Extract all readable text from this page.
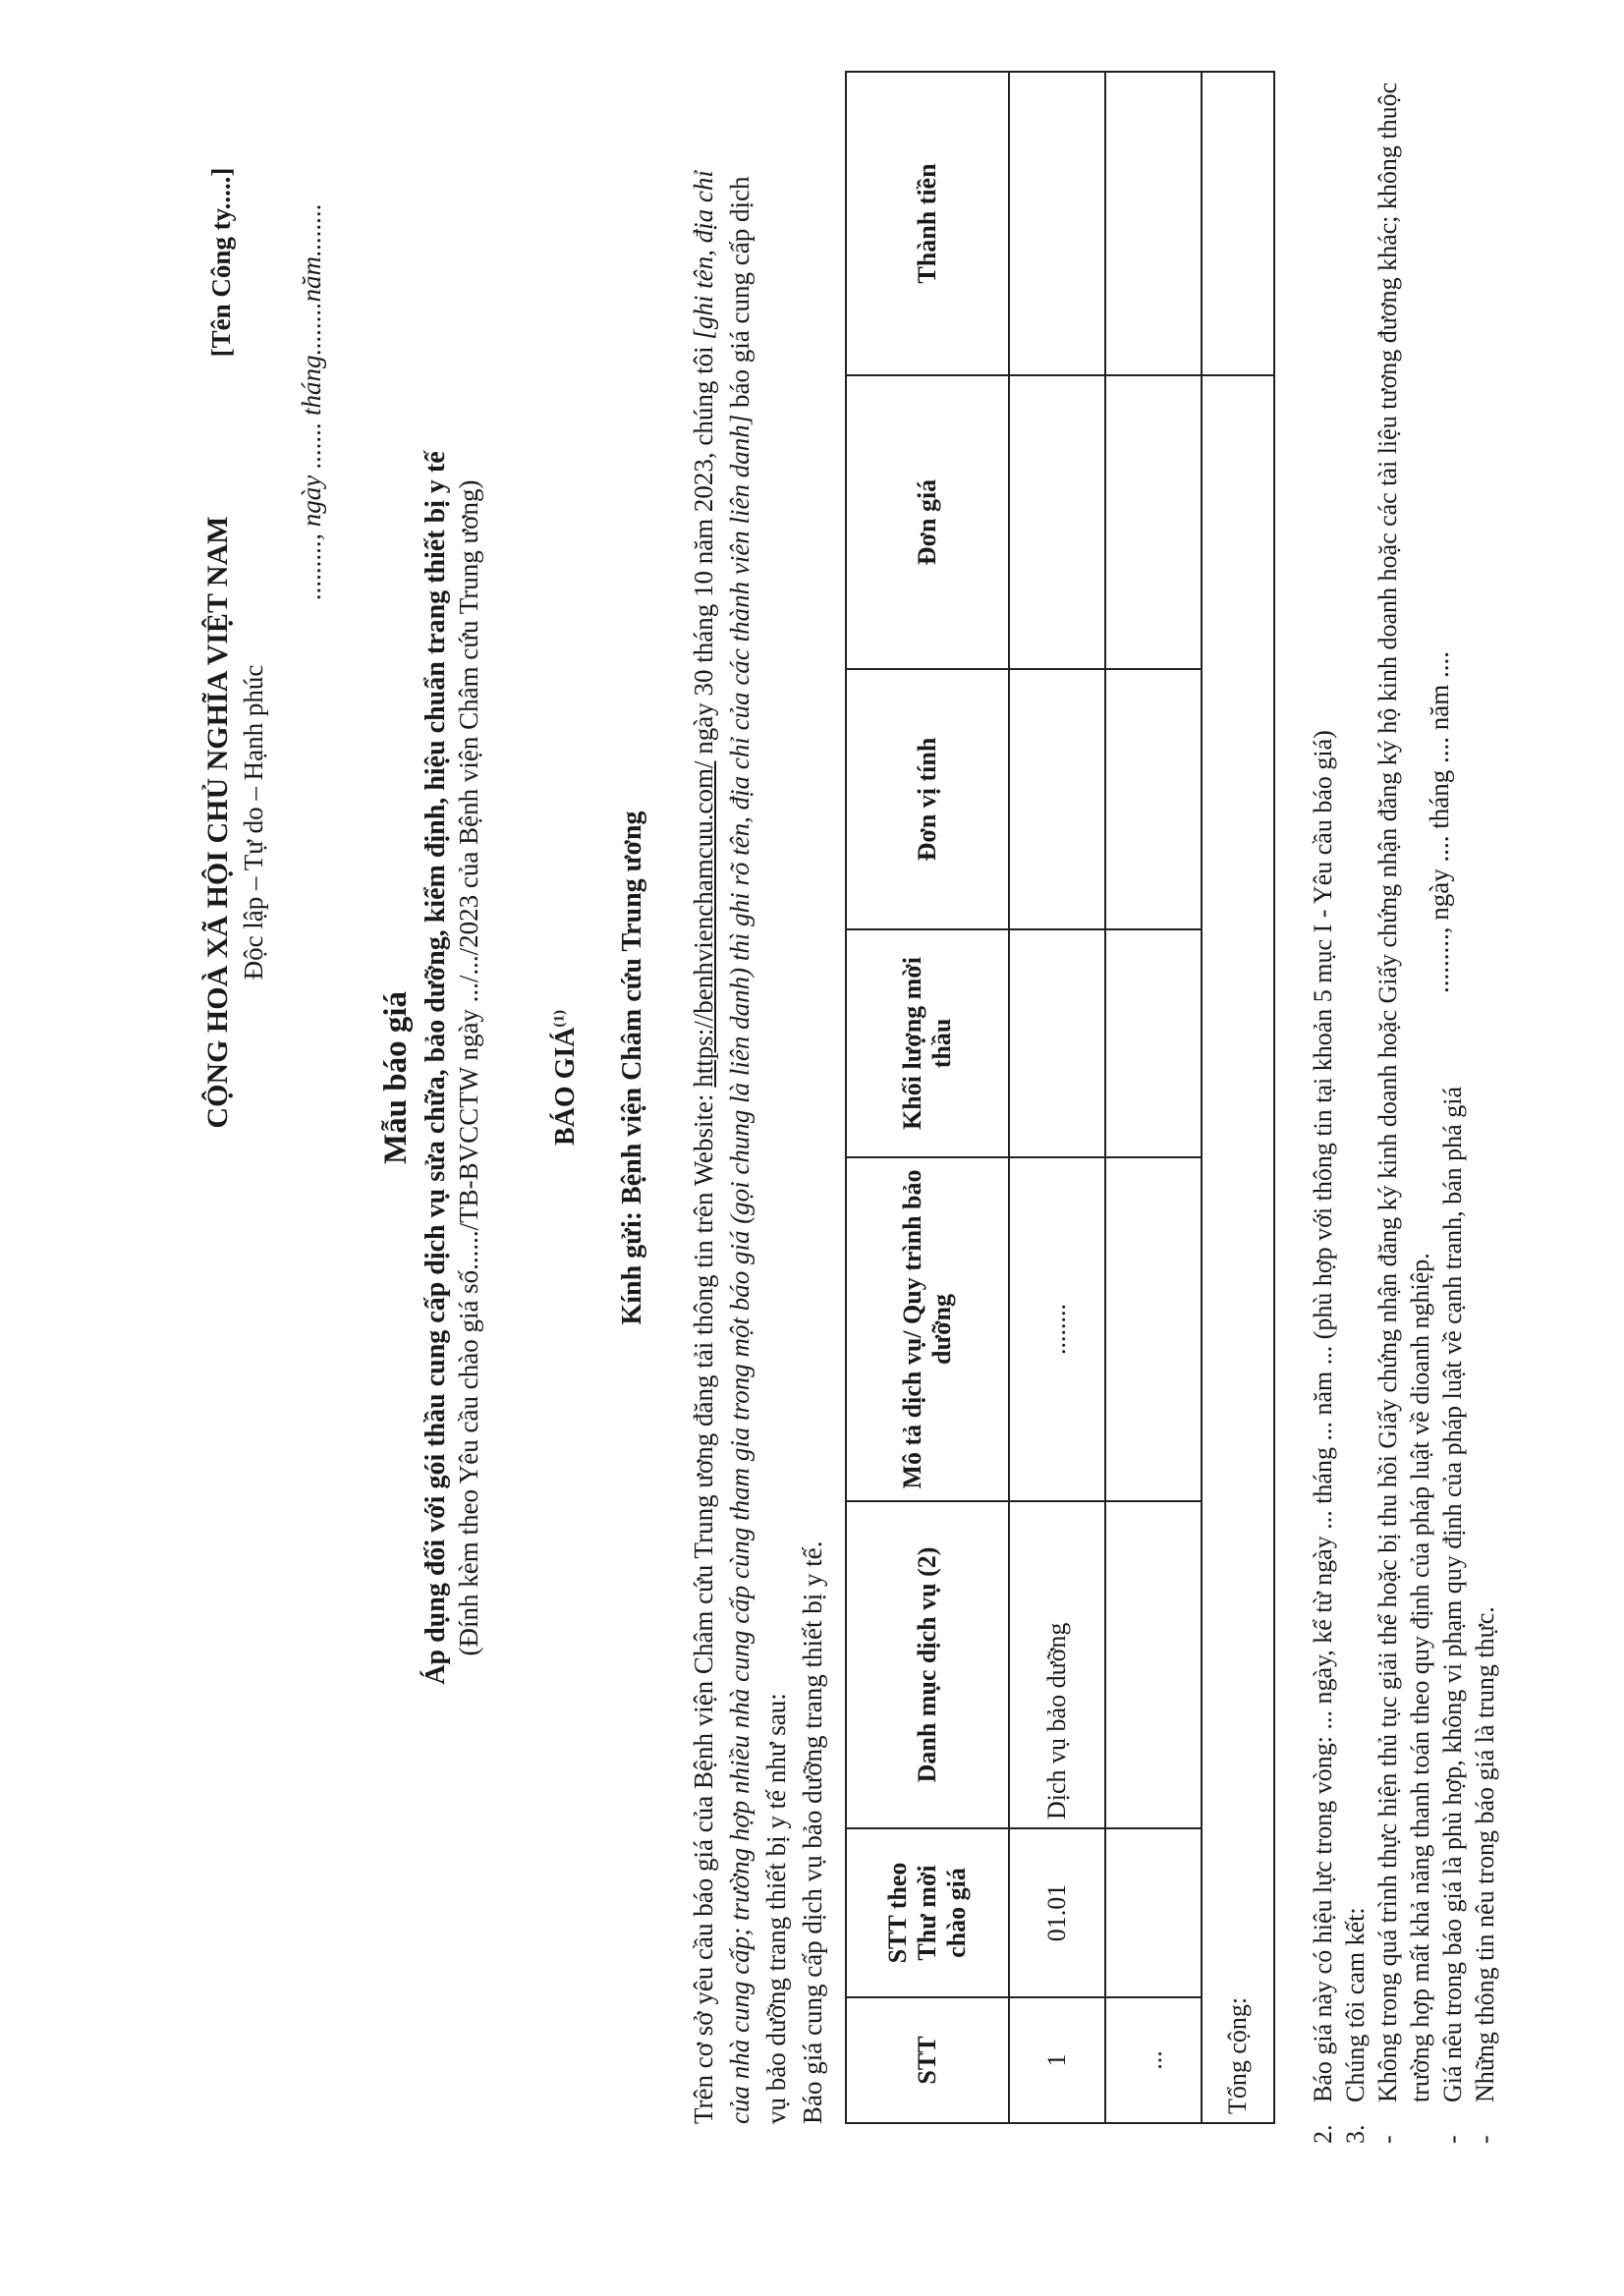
[Tên Công ty.....]
CỘNG HOÀ XÃ HỘI CHỦ NGHĨA VIỆT NAM Độc lập – Tự do – Hạnh phúc
........., ngày ....... tháng........năm........
Mẫu báo giá Áp dụng đối với gói thầu cung cấp dịch vụ sửa chữa, bảo dưỡng, kiểm định, hiệu chuẩn trang thiết bị y tế (Đính kèm theo Yêu cầu chào giá số....../TB-BVCCTW ngày .../.../2023 của Bệnh viện Châm cứu Trung ương) BÁO GIÁ$^{(1)}$	Kính gửi: Bệnh viện Châm cứu Trung ương
Trên cơ sở yêu cầu báo giá của Bệnh viện Châm cứu Trung ương đăng tải thông tin trên Website: https://benhvienchamcuu.com/ ngày 30 tháng 10 năm 2023, chúng tôi [ghi tên, địa chỉ của nhà cung cấp; trường hợp nhiều nhà cung cấp cùng tham gia trong một báo giá (gọi chung là liên danh) thì ghi rõ tên, địa chỉ của các thành viên liên danh] báo giá cung cấp dịch vụ bảo dưỡng trang thiết bị y tế như sau: Báo giá cung cấp dịch vụ bảo dưỡng trang thiết bị y tế.	STT	STT theo Thư mời chào giá	Danh mục dịch vụ (2)	Mô tả dịch vụ/ Quy trình bảo dưỡng	Khối lượng mời thầu	Đơn vị tính	Đơn giá	Thành tiền
1	01.01	Dịch vụ bảo dưỡng	........				
...							
Tổng cộng:							
2.
Báo giá này có hiệu lực trong vòng: ... ngày, kể từ ngày ... tháng ... năm ... (phù hợp với thông tin tại khoản 5 mục I - Yêu cầu báo giá)
3.
Chúng tôi cam kết:
-
Không trong quá trình thực hiện thủ tục giải thể hoặc bị thu hồi Giấy chứng nhận đăng ký kinh doanh hoặc Giấy chứng nhận đăng ký hộ kinh doanh hoặc các tài liệu tương đương khác; không thuộc trường hợp mất khả năng thanh toán theo quy định của pháp luật về dioanh nghiệp.
-
Giá nêu trong báo giá là phù hợp, không vi phạm quy định của pháp luật về cạnh tranh, bán phá giá
-
Những thông tin nêu trong báo giá là trung thực.
........., ngày .... tháng .... năm ....
